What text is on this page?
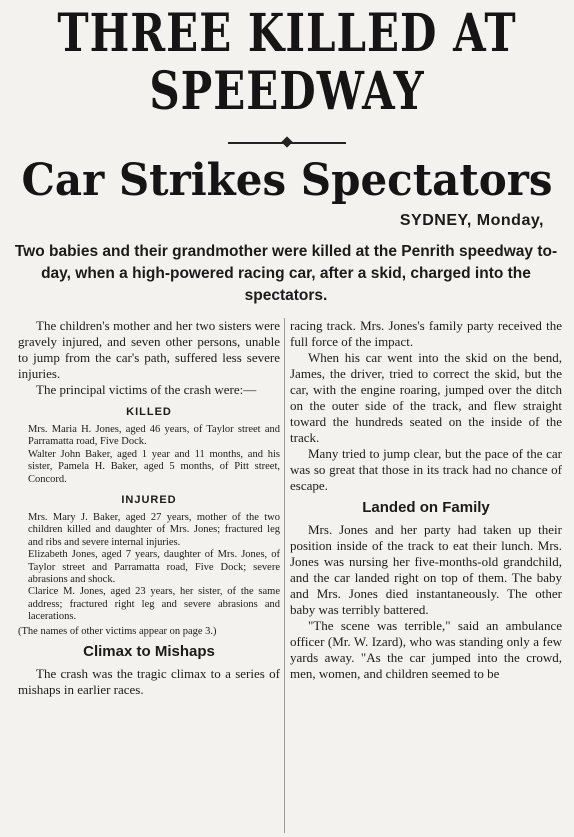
THREE KILLED AT
SPEEDWAY
Car Strikes Spectators
SYDNEY, Monday,
Two babies and their grandmother were killed at the Penrith speedway to-day, when a high-powered racing car, after a skid, charged into the spectators.

The children's mother and her two sisters were gravely injured, and seven other persons, unable to jump from the car's path, suffered less severe injuries.

The principal victims of the crash were:—

KILLED

Mrs. Maria H. Jones, aged 46 years, of Taylor street and Parramatta road, Five Dock.

Walter John Baker, aged 1 year and 11 months, and his sister, Pamela H. Baker, aged 5 months, of Pitt street, Concord.

INJURED

Mrs. Mary J. Baker, aged 27 years, mother of the two children killed and daughter of Mrs. Jones; fractured leg and ribs and severe internal injuries.

Elizabeth Jones, aged 7 years, daughter of Mrs. Jones, of Taylor street and Parramatta road, Five Dock; severe abrasions and shock.

Clarice M. Jones, aged 23 years, her sister, of the same address; fractured right leg and severe abrasions and lacerations.

(The names of other victims appear on page 3.)

Climax to Mishaps

The crash was the tragic climax to a series of mishaps in earlier races.

racing track. Mrs. Jones's family party received the full force of the impact.

When his car went into the skid on the bend, James, the driver, tried to correct the skid, but the car, with the engine roaring, jumped over the ditch on the outer side of the track, and flew straight toward the hundreds seated on the inside of the track.

Many tried to jump clear, but the pace of the car was so great that those in its track had no chance of escape.

Landed on Family

Mrs. Jones and her party had taken up their position inside of the track to eat their lunch. Mrs. Jones was nursing her five-months-old grandchild, and the car landed right on top of them. The baby and Mrs. Jones died instantaneously. The other baby was terribly battered.

"The scene was terrible," said an ambulance officer (Mr. W. Izard), who was standing only a few yards away. "As the car jumped into the crowd, men, women, and children seemed to be
